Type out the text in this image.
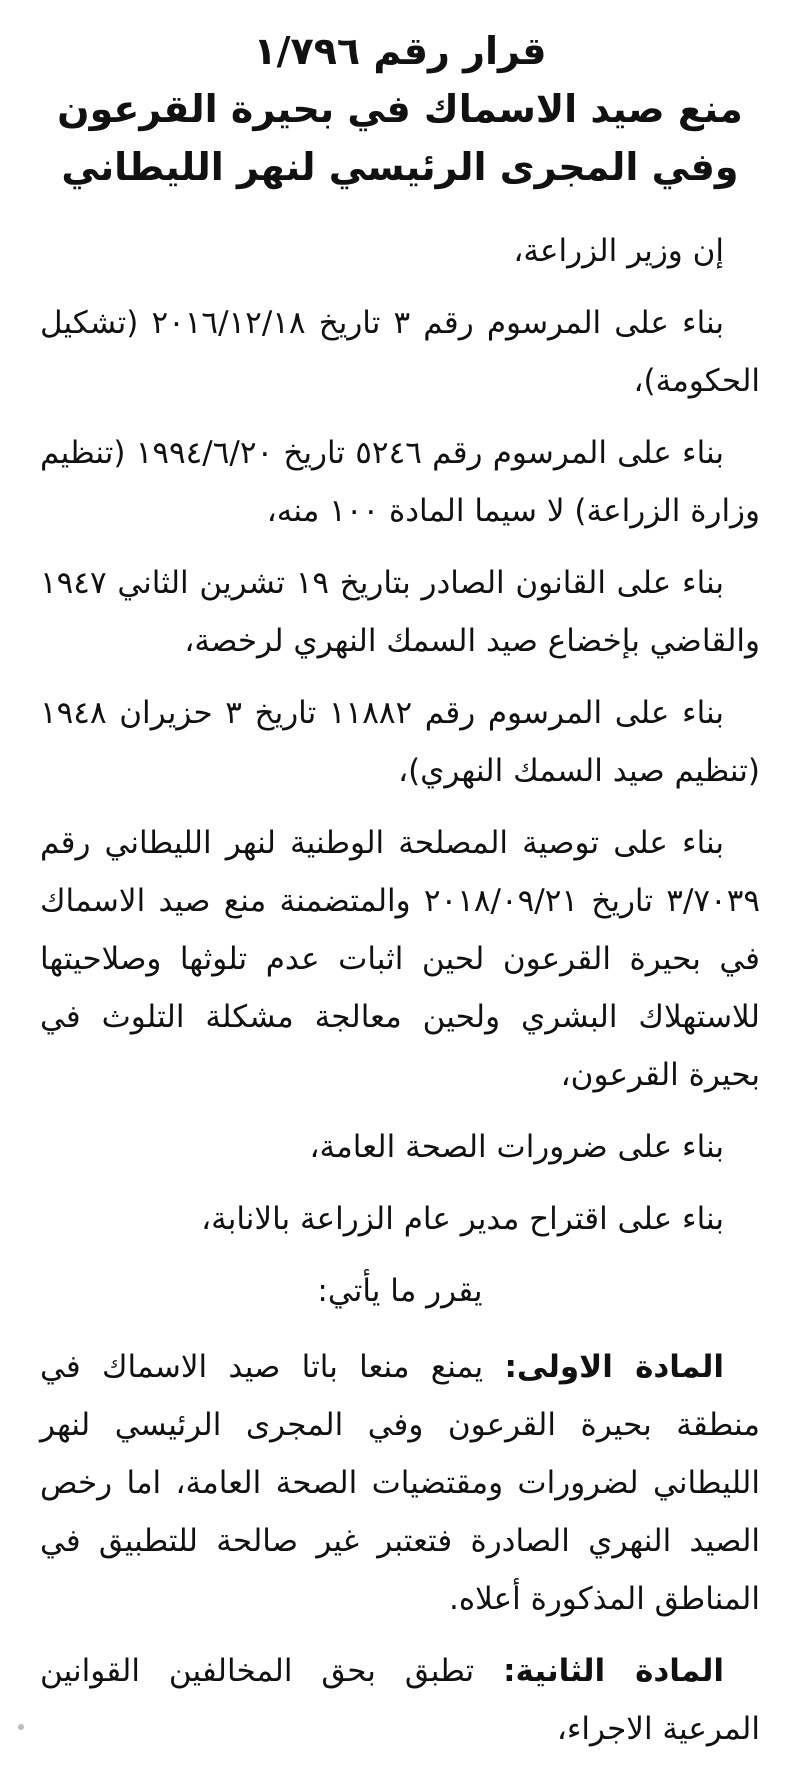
قرار رقم ١/٧٩٦

منع صيد الاسماك في بحيرة القرعون

وفي المجرى الرئيسي لنهر الليطاني

إن وزير الزراعة،

بناء على المرسوم رقم ٣ تاريخ ٢٠١٦/١٢/١٨ (تشكيل الحكومة)،

بناء على المرسوم رقم ٥٢٤٦ تاريخ ١٩٩٤/٦/٢٠ (تنظيم وزارة الزراعة) لا سيما المادة ١٠٠ منه،

بناء على القانون الصادر بتاريخ ١٩ تشرين الثاني ١٩٤٧ والقاضي بإخضاع صيد السمك النهري لرخصة،

بناء على المرسوم رقم ١١٨٨٢ تاريخ ٣ حزيران ١٩٤٨ (تنظيم صيد السمك النهري)،

بناء على توصية المصلحة الوطنية لنهر الليطاني رقم ٣/٧٠٣٩ تاريخ ٢٠١٨/٠٩/٢١ والمتضمنة منع صيد الاسماك في بحيرة القرعون لحين اثبات عدم تلوثها وصلاحيتها للاستهلاك البشري ولحين معالجة مشكلة التلوث في بحيرة القرعون،

بناء على ضرورات الصحة العامة،

بناء على اقتراح مدير عام الزراعة بالانابة،

يقرر ما يأتي:

المادة الاولى: يمنع منعا باتا صيد الاسماك في منطقة بحيرة القرعون وفي المجرى الرئيسي لنهر الليطاني لضرورات ومقتضيات الصحة العامة، اما رخص الصيد النهري الصادرة فتعتبر غير صالحة للتطبيق في المناطق المذكورة أعلاه.

المادة الثانية: تطبق بحق المخالفين القوانين المرعية الاجراء،
